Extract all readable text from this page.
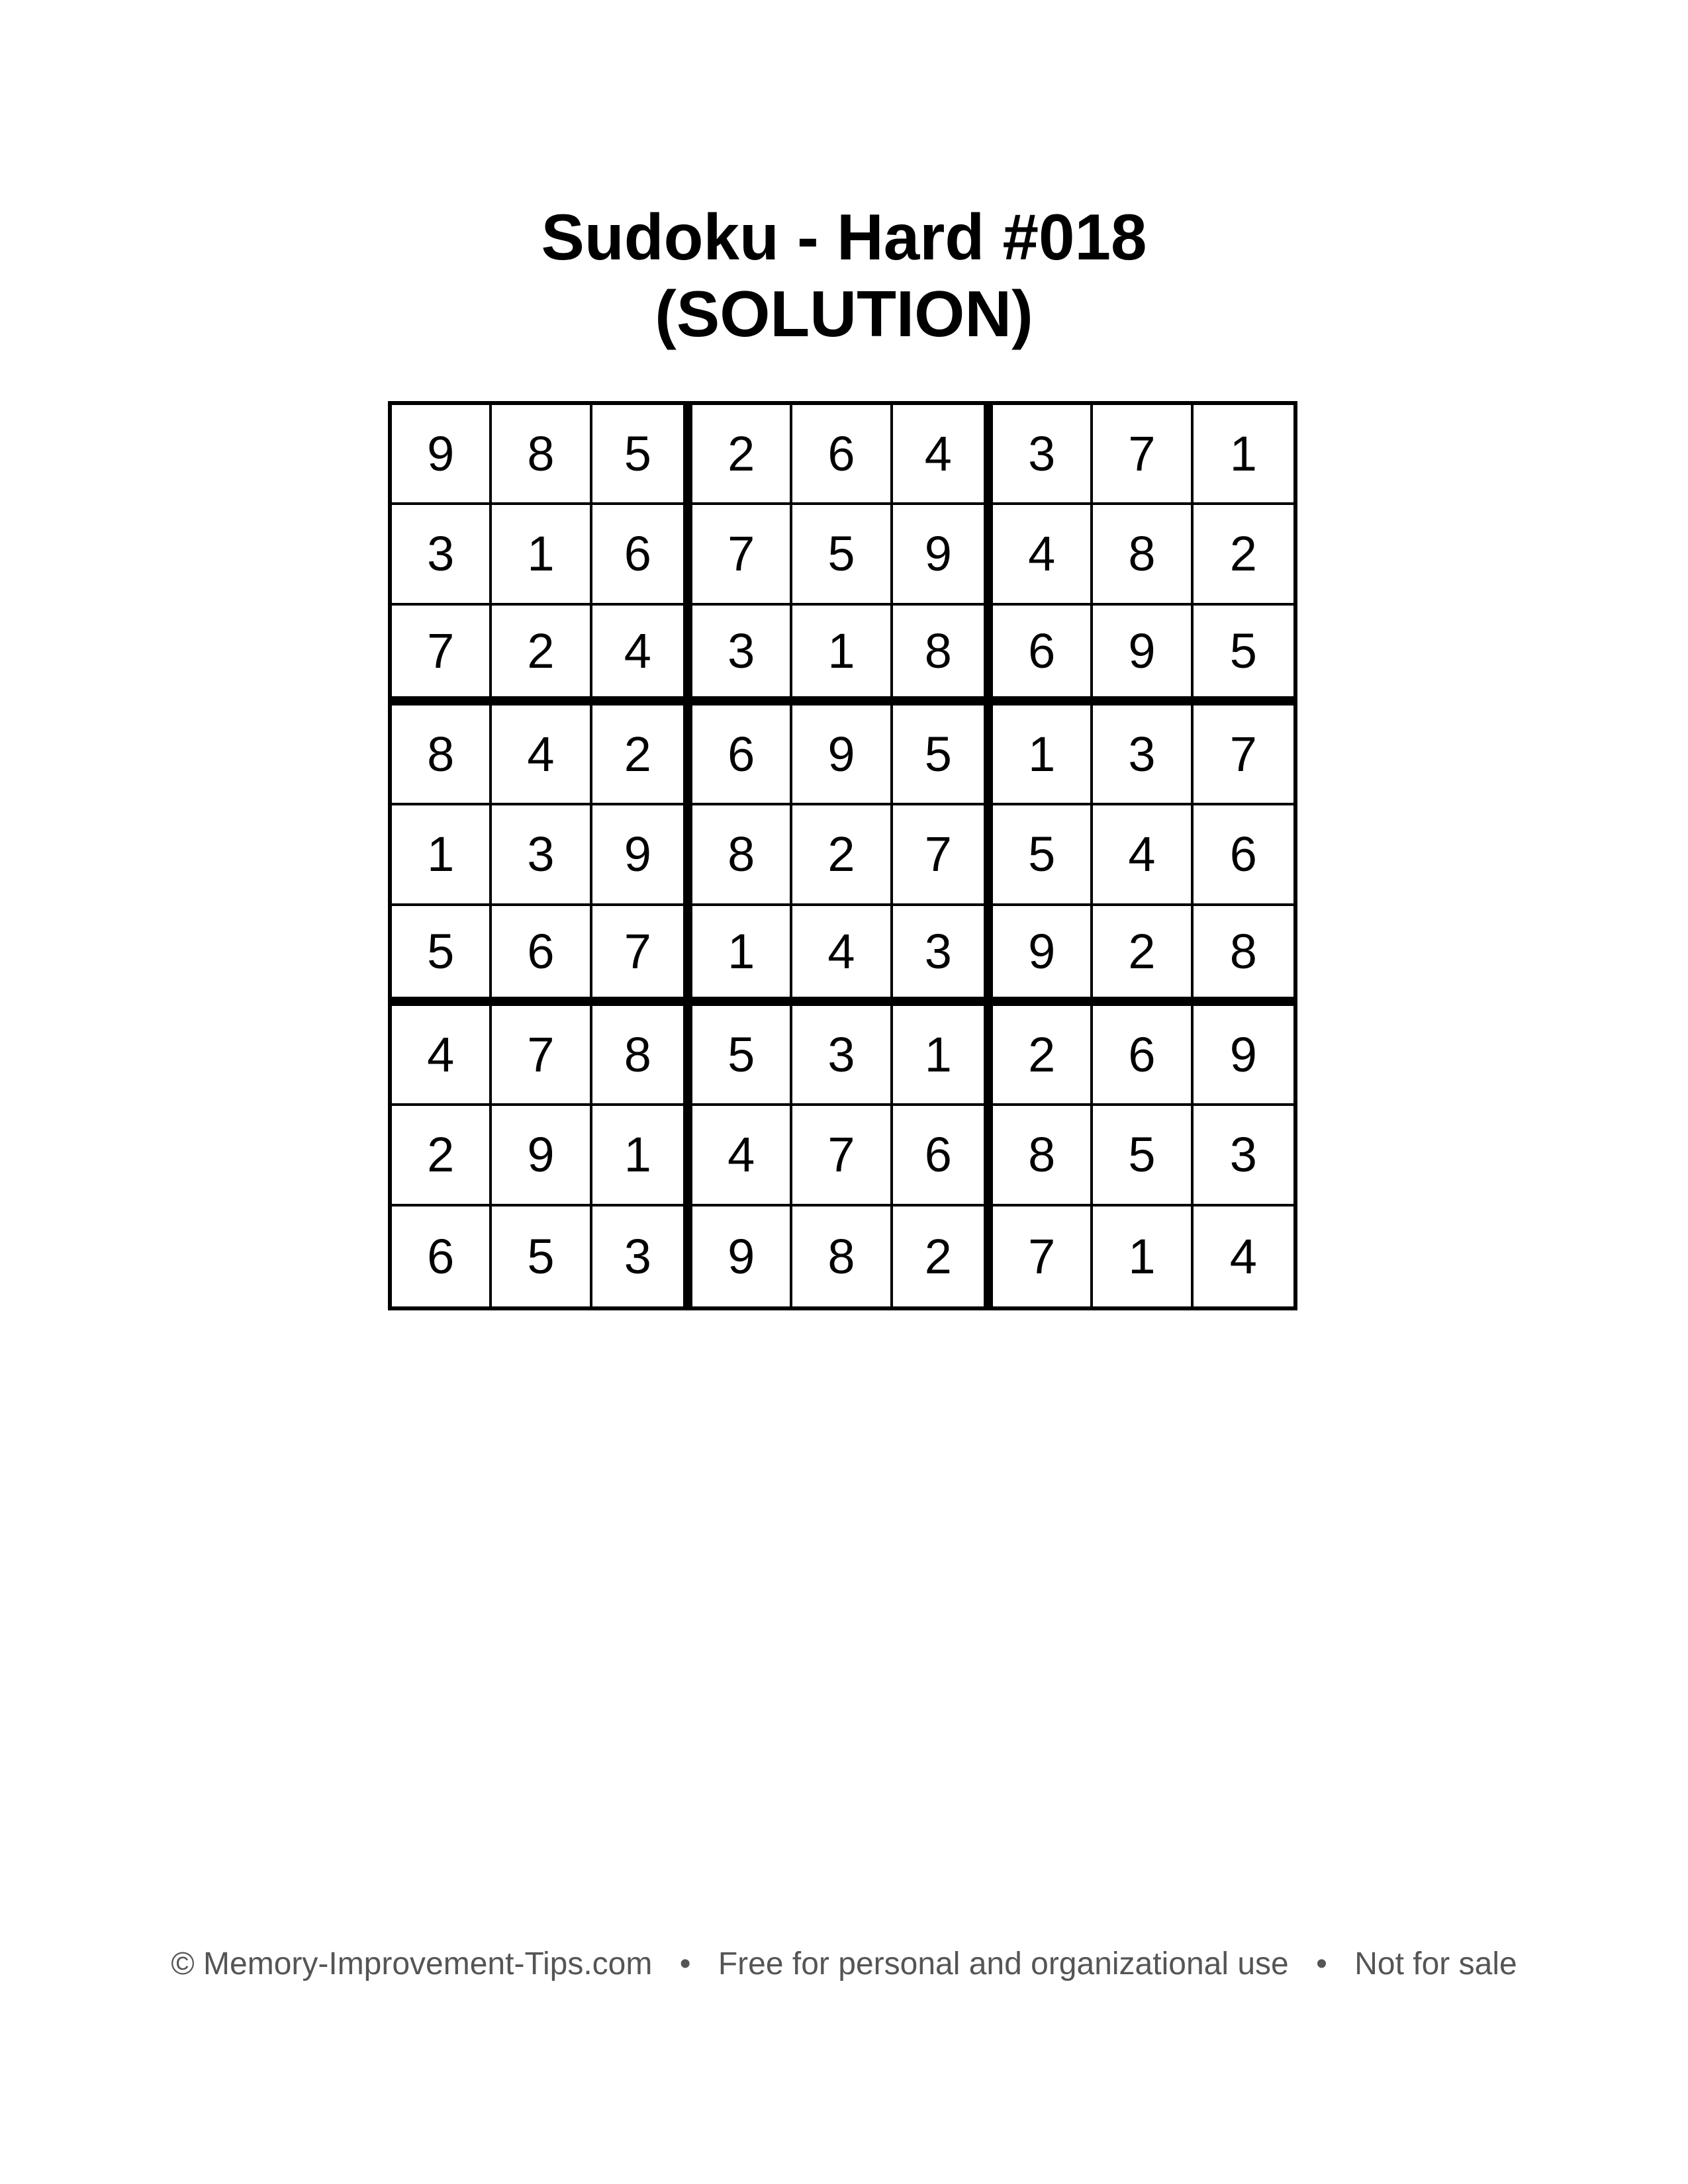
Sudoku - Hard #018
(SOLUTION)
9	8	5	2	6	4	3	7	1
3	1	6	7	5	9	4	8	2
7	2	4	3	1	8	6	9	5
8	4	2	6	9	5	1	3	7
1	3	9	8	2	7	5	4	6
5	6	7	1	4	3	9	2	8
4	7	8	5	3	1	2	6	9
2	9	1	4	7	6	8	5	3
6	5	3	9	8	2	7	1	4
© Memory-Improvement-Tips.com • Free for personal and organizational use • Not for sale
